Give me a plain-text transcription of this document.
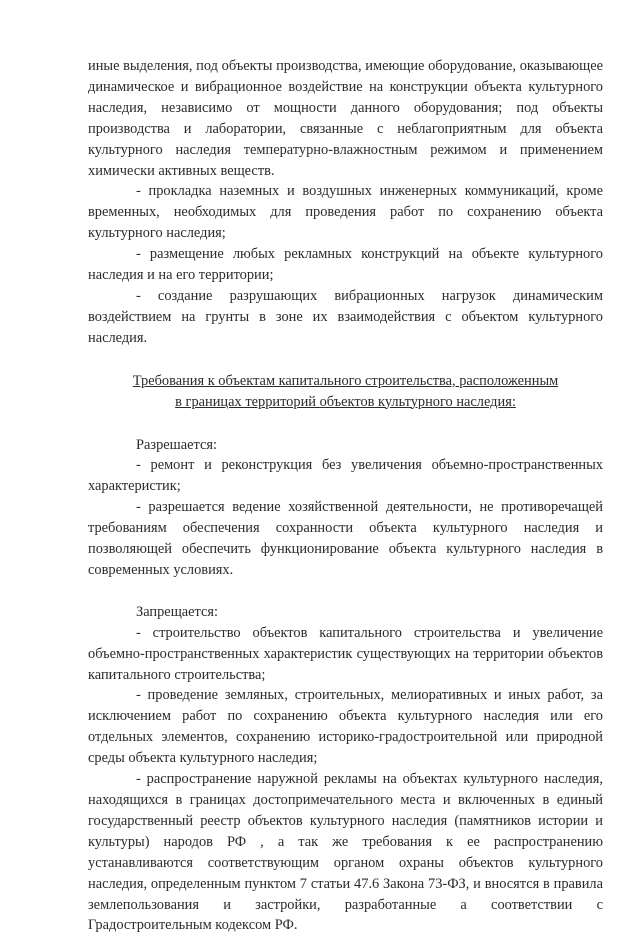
иные выделения, под объекты производства, имеющие оборудование, оказывающее динамическое и вибрационное воздействие на конструкции объекта культурного наследия, независимо от мощности данного оборудования; под объекты производства и лаборатории, связанные с неблагоприятным для объекта культурного наследия температурно-влажностным режимом и применением химически активных веществ.

- прокладка наземных и воздушных инженерных коммуникаций, кроме временных, необходимых для проведения работ по сохранению объекта культурного наследия;

- размещение любых рекламных конструкций на объекте культурного наследия и на его территории;

- создание разрушающих вибрационных нагрузок динамическим воздействием на грунты в зоне их взаимодействия с объектом культурного наследия.

Требования к объектам капитального строительства, расположенным
в границах территорий объектов культурного наследия:

Разрешается:

- ремонт и реконструкция без увеличения объемно-пространственных характеристик;

- разрешается ведение хозяйственной деятельности, не противоречащей требованиям обеспечения сохранности объекта культурного наследия и позволяющей обеспечить функционирование объекта культурного наследия в современных условиях.

Запрещается:

- строительство объектов капитального строительства и увеличение объемно-пространственных характеристик существующих на территории объектов капитального строительства;

- проведение земляных, строительных, мелиоративных и иных работ, за исключением работ по сохранению объекта культурного наследия или его отдельных элементов, сохранению историко-градостроительной или природной среды объекта культурного наследия;

- распространение наружной рекламы на объектах культурного наследия, находящихся в границах достопримечательного места и включенных в единый государственный реестр объектов культурного наследия (памятников истории и культуры) народов РФ , а так же требования к ее распространению устанавливаются соответствующим органом охраны объектов культурного наследия, определенным пунктом 7 статьи 47.6 Закона 73-ФЗ, и вносятся в правила землепользования и застройки, разработанные а соответствии с Градостроительным кодексом РФ.
